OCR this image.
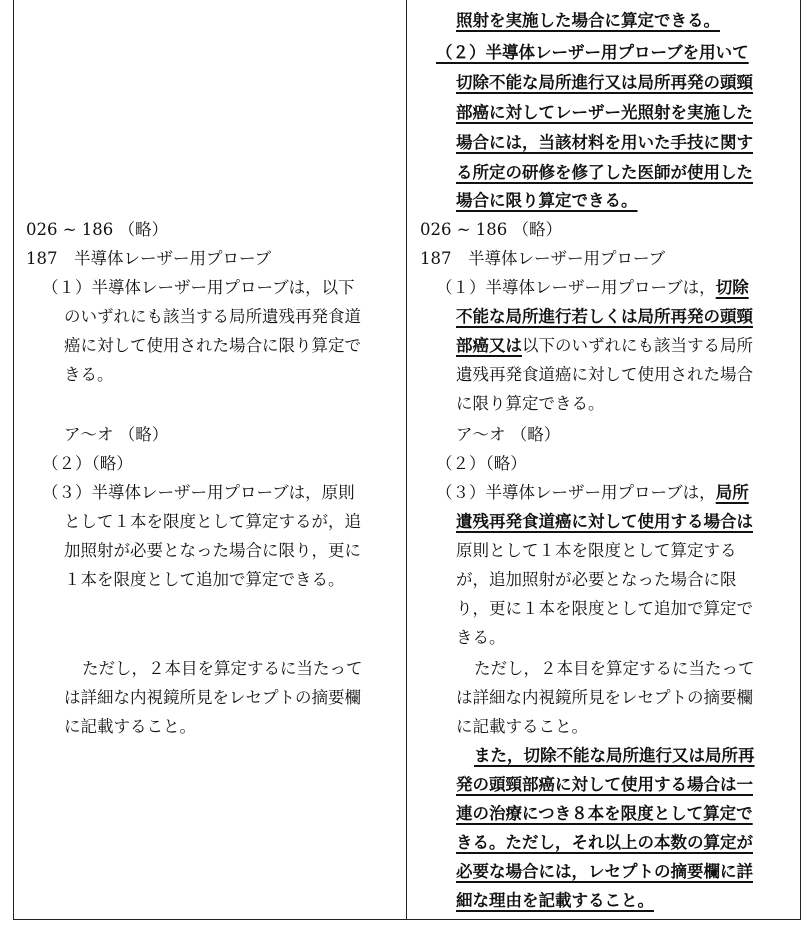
026 ~ 186 （略）
187　半導体レーザー用プローブ
（１）半導体レーザー用プローブは，以下
のいずれにも該当する局所遺残再発食道
癌に対して使用された場合に限り算定で
きる。
ア～オ （略）
（２）（略）
（３）半導体レーザー用プローブは，原則
として１本を限度として算定するが，追
加照射が必要となった場合に限り，更に
１本を限度として追加で算定できる。
ただし，２本目を算定するに当たって
は詳細な内視鏡所見をレセプトの摘要欄
に記載すること。
照射を実施した場合に算定できる。
（２）半導体レーザー用プローブを用いて
切除不能な局所進行又は局所再発の頭頸
部癌に対してレーザー光照射を実施した
場合には，当該材料を用いた手技に関す
る所定の研修を修了した医師が使用した
場合に限り算定できる。
026 ~ 186 （略）
187　半導体レーザー用プローブ
（１）半導体レーザー用プローブは，切除
不能な局所進行若しくは局所再発の頭頸
部癌又は以下のいずれにも該当する局所
遺残再発食道癌に対して使用された場合
に限り算定できる。
ア～オ （略）
（２）（略）
（３）半導体レーザー用プローブは，局所
遺残再発食道癌に対して使用する場合は
原則として１本を限度として算定する
が，追加照射が必要となった場合に限
り，更に１本を限度として追加で算定で
きる。
ただし，２本目を算定するに当たって
は詳細な内視鏡所見をレセプトの摘要欄
に記載すること。
また，切除不能な局所進行又は局所再
発の頭頸部癌に対して使用する場合は一
連の治療につき８本を限度として算定で
きる。ただし，それ以上の本数の算定が
必要な場合には，レセプトの摘要欄に詳
細な理由を記載すること。
